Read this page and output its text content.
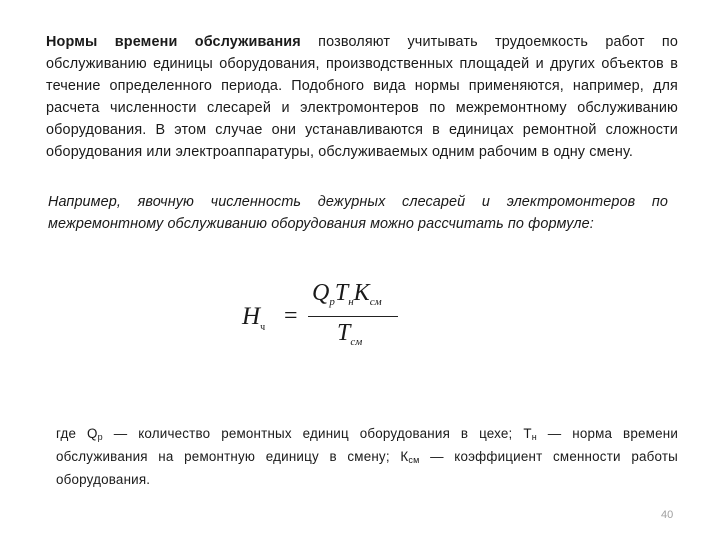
Нормы времени обслуживания позволяют учитывать трудоемкость работ по обслуживанию единицы оборудования, производственных площадей и других объектов в течение определенного периода. Подобного вида нормы применяются, например, для расчета численности слесарей и электромонтеров по межремонтному обслуживанию оборудования. В этом случае они устанавливаются в единицах ремонтной сложности оборудования или электроаппаратуры, обслуживаемых одним рабочим в одну смену.
Например, явочную численность дежурных слесарей и электромонтеров по межремонтному обслуживанию оборудования можно рассчитать по формуле:
$H_ч$ =
$Q_рT_нK_{см}$
$T_{см}$
где $Q_р$ — количество ремонтных единиц оборудования в цехе; $Т_н$ — норма времени обслуживания на ремонтную единицу в смену; $К_{см}$ — коэффициент сменности работы оборудования.
40
